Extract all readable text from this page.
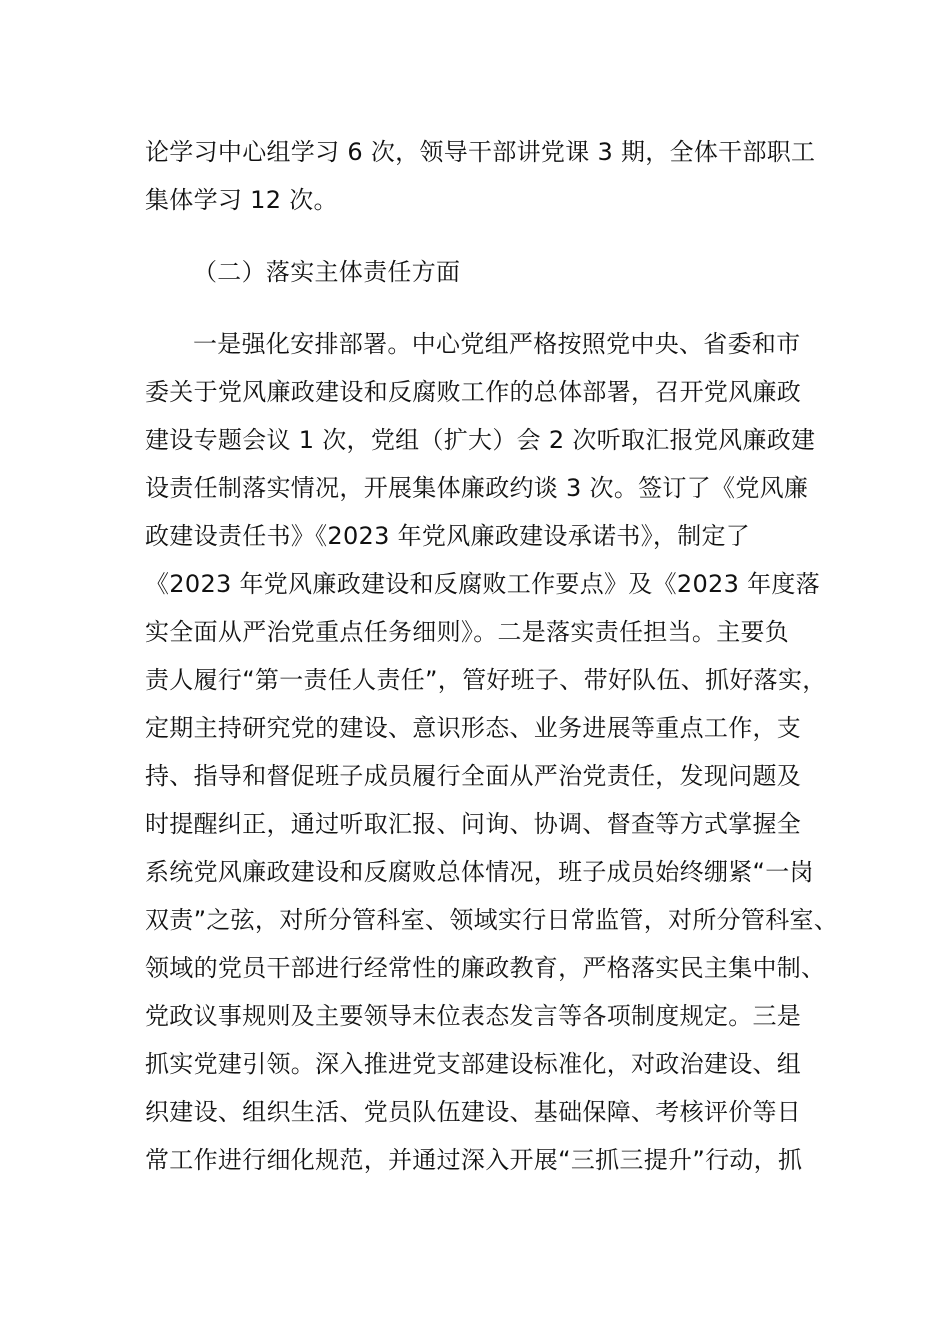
论学习中心组学习 6 次，领导干部讲党课 3 期，全体干部职工
集体学习 12 次。
（二）落实主体责任方面
一是强化安排部署。中心党组严格按照党中央、省委和市
委关于党风廉政建设和反腐败工作的总体部署，召开党风廉政
建设专题会议 1 次，党组（扩大）会 2 次听取汇报党风廉政建
设责任制落实情况，开展集体廉政约谈 3 次。签订了《党风廉
政建设责任书》《2023 年党风廉政建设承诺书》，制定了
《2023 年党风廉政建设和反腐败工作要点》及《2023 年度落
实全面从严治党重点任务细则》。二是落实责任担当。主要负
责人履行“第一责任人责任”，管好班子、带好队伍、抓好落实，
定期主持研究党的建设、意识形态、业务进展等重点工作，支
持、指导和督促班子成员履行全面从严治党责任，发现问题及
时提醒纠正，通过听取汇报、问询、协调、督查等方式掌握全
系统党风廉政建设和反腐败总体情况，班子成员始终绷紧“一岗
双责”之弦，对所分管科室、领域实行日常监管，对所分管科室、
领域的党员干部进行经常性的廉政教育，严格落实民主集中制、
党政议事规则及主要领导末位表态发言等各项制度规定。三是
抓实党建引领。深入推进党支部建设标准化，对政治建设、组
织建设、组织生活、党员队伍建设、基础保障、考核评价等日
常工作进行细化规范，并通过深入开展“三抓三提升”行动，抓
